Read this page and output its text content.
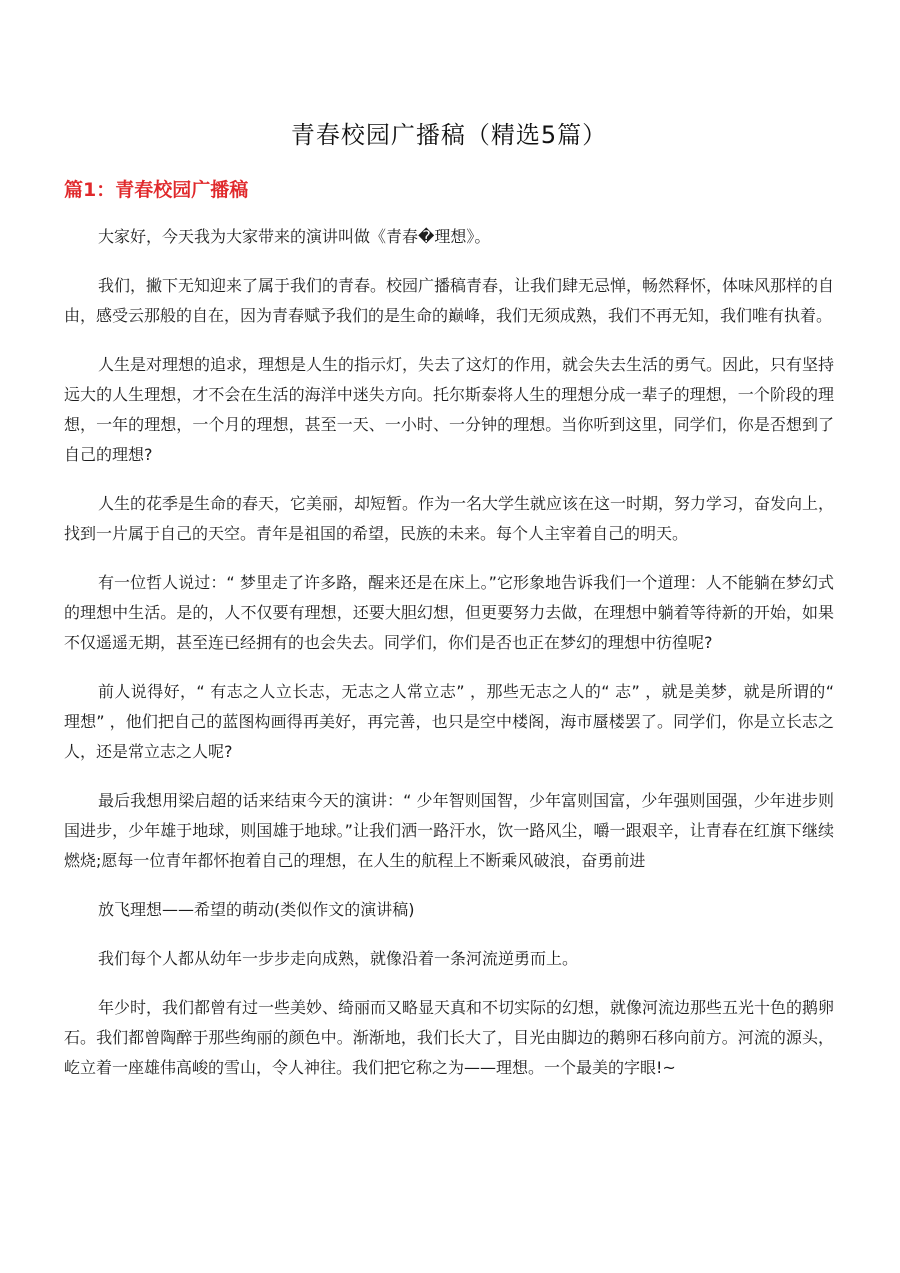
青春校园广播稿（精选5篇）
篇1：青春校园广播稿

大家好，今天我为大家带来的演讲叫做《青春�理想》。

我们，撇下无知迎来了属于我们的青春。校园广播稿青春，让我们肆无忌惮，畅然释怀，体味风那样的自由，感受云那般的自在，因为青春赋予我们的是生命的巅峰，我们无须成熟，我们不再无知，我们唯有执着。

人生是对理想的追求，理想是人生的指示灯，失去了这灯的作用，就会失去生活的勇气。因此，只有坚持远大的人生理想，才不会在生活的海洋中迷失方向。托尔斯泰将人生的理想分成一辈子的理想，一个阶段的理想，一年的理想，一个月的理想，甚至一天、一小时、一分钟的理想。当你听到这里，同学们，你是否想到了自己的理想?

人生的花季是生命的春天，它美丽，却短暂。作为一名大学生就应该在这一时期，努力学习，奋发向上，找到一片属于自己的天空。青年是祖国的希望，民族的未来。每个人主宰着自己的明天。

有一位哲人说过：“ 梦里走了许多路，醒来还是在床上。”它形象地告诉我们一个道理：人不能躺在梦幻式的理想中生活。是的，人不仅要有理想，还要大胆幻想，但更要努力去做，在理想中躺着等待新的开始，如果不仅遥遥无期，甚至连已经拥有的也会失去。同学们，你们是否也正在梦幻的理想中彷徨呢?

前人说得好，“ 有志之人立长志，无志之人常立志” ，那些无志之人的“ 志” ，就是美梦，就是所谓的“ 理想” ，他们把自己的蓝图构画得再美好，再完善，也只是空中楼阁，海市蜃楼罢了。同学们，你是立长志之人，还是常立志之人呢?

最后我想用梁启超的话来结束今天的演讲：“ 少年智则国智，少年富则国富，少年强则国强，少年进步则国进步，少年雄于地球，则国雄于地球。”让我们洒一路汗水，饮一路风尘，嚼一跟艰辛，让青春在红旗下继续燃烧;愿每一位青年都怀抱着自己的理想，在人生的航程上不断乘风破浪，奋勇前进

放飞理想——希望的萌动(类似作文的演讲稿)

我们每个人都从幼年一步步走向成熟，就像沿着一条河流逆勇而上。

年少时，我们都曾有过一些美妙、绮丽而又略显天真和不切实际的幻想，就像河流边那些五光十色的鹅卵石。我们都曾陶醉于那些绚丽的颜色中。渐渐地，我们长大了，目光由脚边的鹅卵石移向前方。河流的源头，屹立着一座雄伟高峻的雪山，令人神往。我们把它称之为——理想。一个最美的字眼!~
